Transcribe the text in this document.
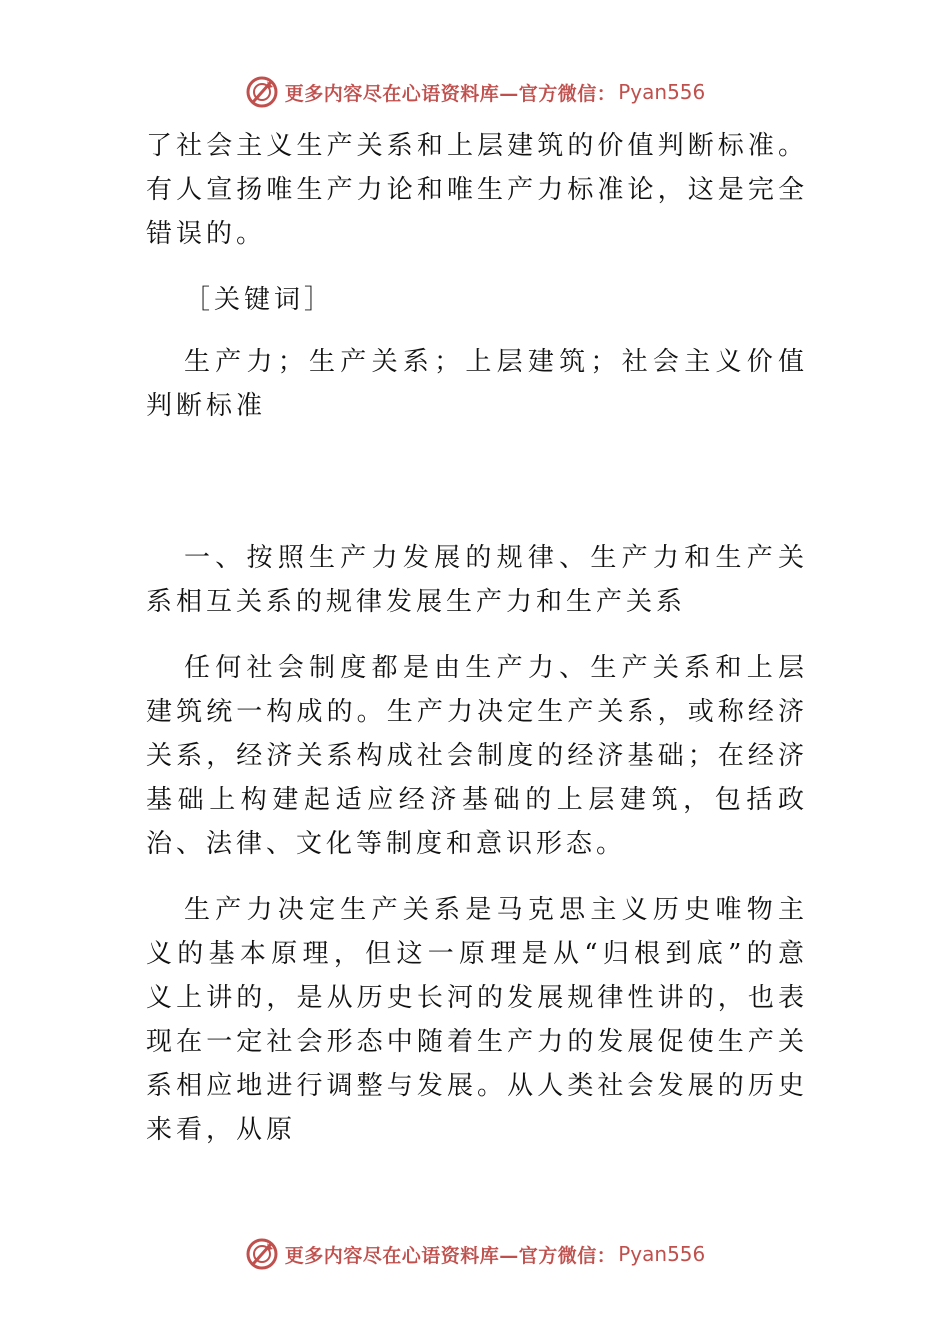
更多内容尽在心语资料库—官方微信： Pyan556

了社会主义生产关系和上层建筑的价值判断标准。有人宣扬唯生产力论和唯生产力标准论，这是完全错误的。

［关键词］

生产力；生产关系；上层建筑；社会主义价值判断标准

一、按照生产力发展的规律、生产力和生产关系相互关系的规律发展生产力和生产关系

任何社会制度都是由生产力、生产关系和上层建筑统一构成的。生产力决定生产关系，或称经济关系，经济关系构成社会制度的经济基础；在经济基础上构建起适应经济基础的上层建筑，包括政治、法律、文化等制度和意识形态。

生产力决定生产关系是马克思主义历史唯物主义的基本原理，但这一原理是从“归根到底”的意义上讲的，是从历史长河的发展规律性讲的，也表现在一定社会形态中随着生产力的发展促使生产关系相应地进行调整与发展。从人类社会发展的历史来看，从原

更多内容尽在心语资料库—官方微信： Pyan556
